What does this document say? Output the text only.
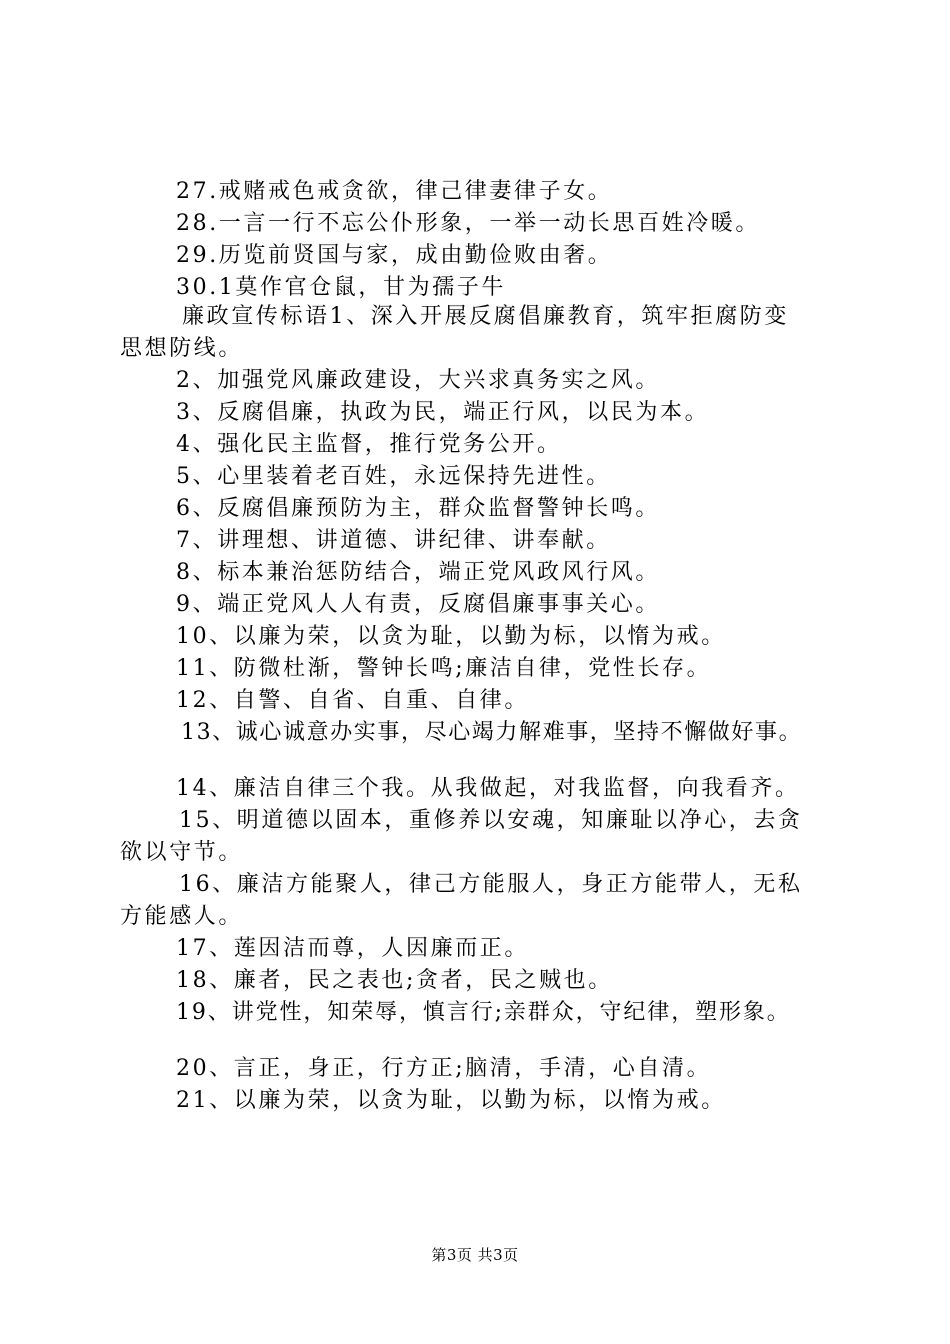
27.戒赌戒色戒贪欲，律己律妻律子女。
28.一言一行不忘公仆形象，一举一动长思百姓冷暖。
29.历览前贤国与家，成由勤俭败由奢。
30.1莫作官仓鼠，甘为孺子牛
廉政宣传标语1、深入开展反腐倡廉教育，筑牢拒腐防变
思想防线。
2、加强党风廉政建设，大兴求真务实之风。
3、反腐倡廉，执政为民，端正行风，以民为本。
4、强化民主监督，推行党务公开。
5、心里装着老百姓，永远保持先进性。
6、反腐倡廉预防为主，群众监督警钟长鸣。
7、讲理想、讲道德、讲纪律、讲奉献。
8、标本兼治惩防结合，端正党风政风行风。
9、端正党风人人有责，反腐倡廉事事关心。
10、以廉为荣，以贪为耻，以勤为标，以惰为戒。
11、防微杜渐，警钟长鸣;廉洁自律，党性长存。
12、自警、自省、自重、自律。
13、诚心诚意办实事，尽心竭力解难事，坚持不懈做好事。
14、廉洁自律三个我。从我做起，对我监督，向我看齐。
15、明道德以固本，重修养以安魂，知廉耻以净心，去贪
欲以守节。
16、廉洁方能聚人，律己方能服人，身正方能带人，无私
方能感人。
17、莲因洁而尊，人因廉而正。
18、廉者，民之表也;贪者，民之贼也。
19、讲党性，知荣辱，慎言行;亲群众，守纪律，塑形象。
20、言正，身正，行方正;脑清，手清，心自清。
21、以廉为荣，以贪为耻，以勤为标，以惰为戒。
第3页 共3页
